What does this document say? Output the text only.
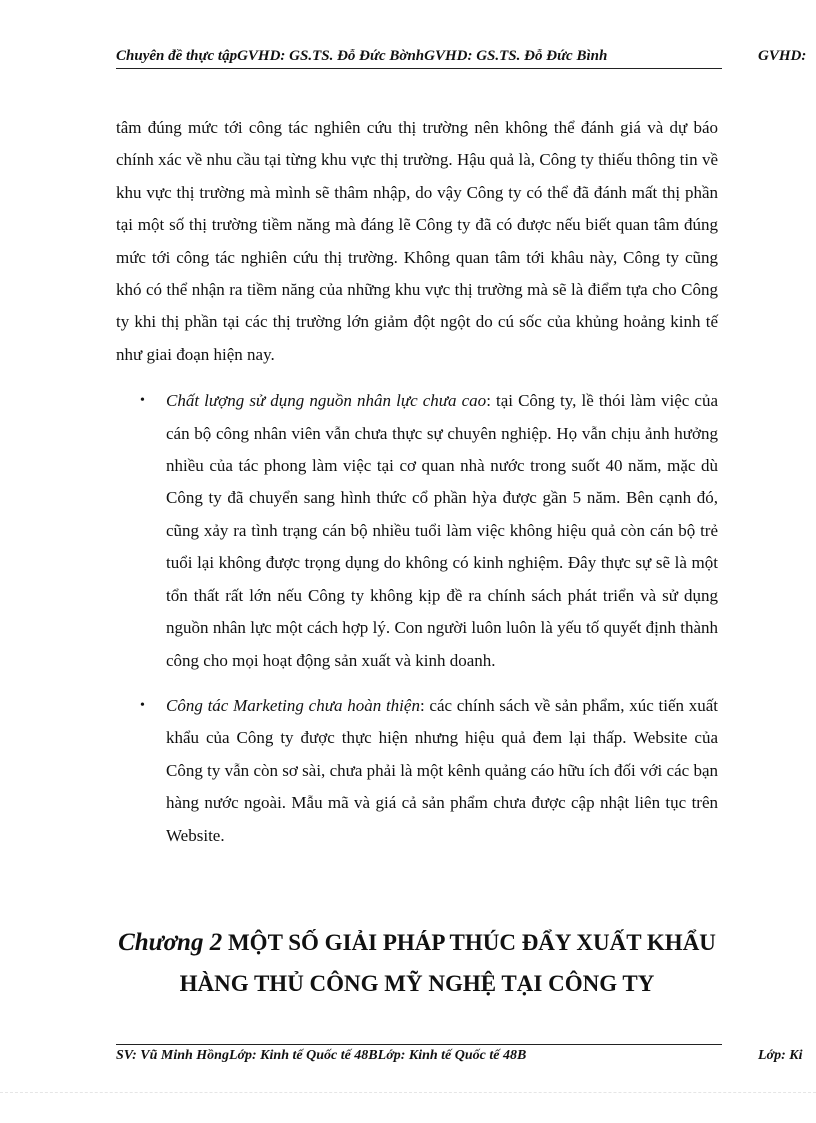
Chuyên đề thực tậpGVHD: GS.TS. Đỗ Đức BờnhGVHD: GS.TS. Đỗ Đức Bình	GVHD:

tâm đúng mức tới công tác nghiên cứu thị trường nên không thể đánh giá và dự báo chính xác về nhu cầu tại từng khu vực thị trường. Hậu quả là, Công ty thiếu thông tin về khu vực thị trường mà mình sẽ thâm nhập, do vậy Công ty có thể đã đánh mất thị phần tại một số thị trường tiềm năng mà đáng lẽ Công ty đã có được nếu biết quan tâm đúng mức tới công tác nghiên cứu thị trường. Không quan tâm tới khâu này, Công ty cũng khó có thể nhận ra tiềm năng của những khu vực thị trường mà sẽ là điểm tựa cho Công ty khi thị phần tại các thị trường lớn giảm đột ngột do cú sốc của khủng hoảng kinh tế như giai đoạn hiện nay.

• Chất lượng sử dụng nguồn nhân lực chưa cao: tại Công ty, lề thói làm việc của cán bộ công nhân viên vẫn chưa thực sự chuyên nghiệp. Họ vẫn chịu ảnh hưởng nhiều của tác phong làm việc tại cơ quan nhà nước trong suốt 40 năm, mặc dù Công ty đã chuyển sang hình thức cổ phần hỳa được gần 5 năm. Bên cạnh đó, cũng xảy ra tình trạng cán bộ nhiều tuổi làm việc không hiệu quả còn cán bộ trẻ tuổi lại không được trọng dụng do không có kinh nghiệm. Đây thực sự sẽ là một tổn thất rất lớn nếu Công ty không kịp đề ra chính sách phát triển và sử dụng nguồn nhân lực một cách hợp lý. Con người luôn luôn là yếu tố quyết định thành công cho mọi hoạt động sản xuất và kinh doanh.
• Công tác Marketing chưa hoàn thiện: các chính sách về sản phẩm, xúc tiến xuất khẩu của Công ty được thực hiện nhưng hiệu quả đem lại thấp. Website của Công ty vẫn còn sơ sài, chưa phải là một kênh quảng cáo hữu ích đối với các bạn hàng nước ngoài. Mẫu mã và giá cả sản phẩm chưa được cập nhật liên tục trên Website.
Chương 2 MỘT SỐ GIẢI PHÁP THÚC ĐẨY XUẤT KHẨU HÀNG THỦ CÔNG MỸ NGHỆ TẠI CÔNG TY
SV: Vũ Minh HồngLớp: Kinh tế Quốc tế 48BLớp: Kinh tế Quốc tế 48B	Lớp: Ki
